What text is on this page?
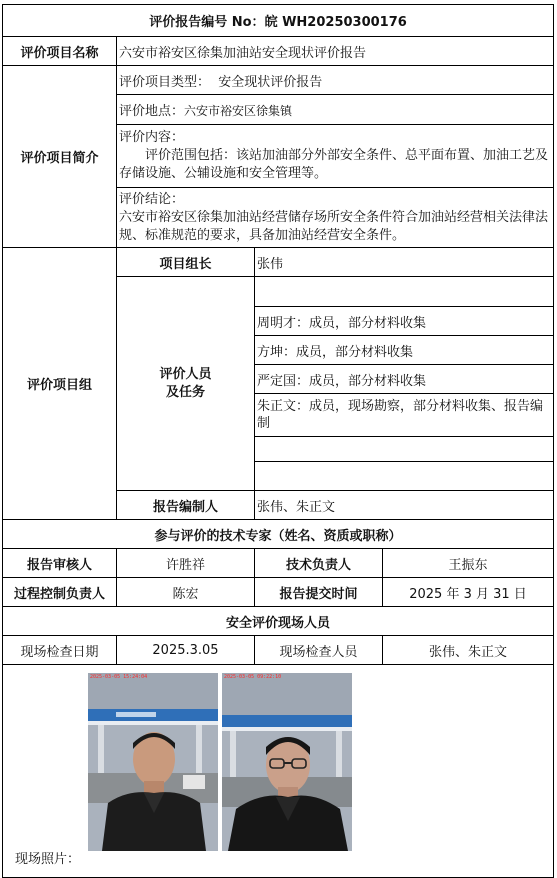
评价报告编号 No：皖 WH20250300176			
评价项目名称	六安市裕安区徐集加油站安全现状评价报告		
评价项目简介	评价项目类型： 安全现状评价报告		
	评价地点：六安市裕安区徐集镇		

	评价内容：
评价范围包括：该站加油部分外部安全条件、总平面布置、加油工艺及存储设施、公辅设施和安全管理等。		

	评价结论：
六安市裕安区徐集加油站经营储存场所安全条件符合加油站经营相关法律法规、标准规范的要求，具备加油站经营安全条件。		

评价项目组	项目组长	张伟	

	评价人员
及任务		

		周明才：成员，部分材料收集	
		方坤：成员，部分材料收集	
		严定国：成员，部分材料收集	
		朱正文：成员，现场勘察，部分材料收集、报告编制	

	报告编制人	张伟、朱正文	
参与评价的技术专家（姓名、资质或职称）			
报告审核人	许胜祥	技术负责人	王振东
过程控制负责人	陈宏	报告提交时间	2025 年 3 月 31 日
安全评价现场人员			
现场检查日期	2025.3.05	现场检查人员	张伟、朱正文

现场照片：
2025-03-05 15:24:04 2025-03-05 09:22:10			
